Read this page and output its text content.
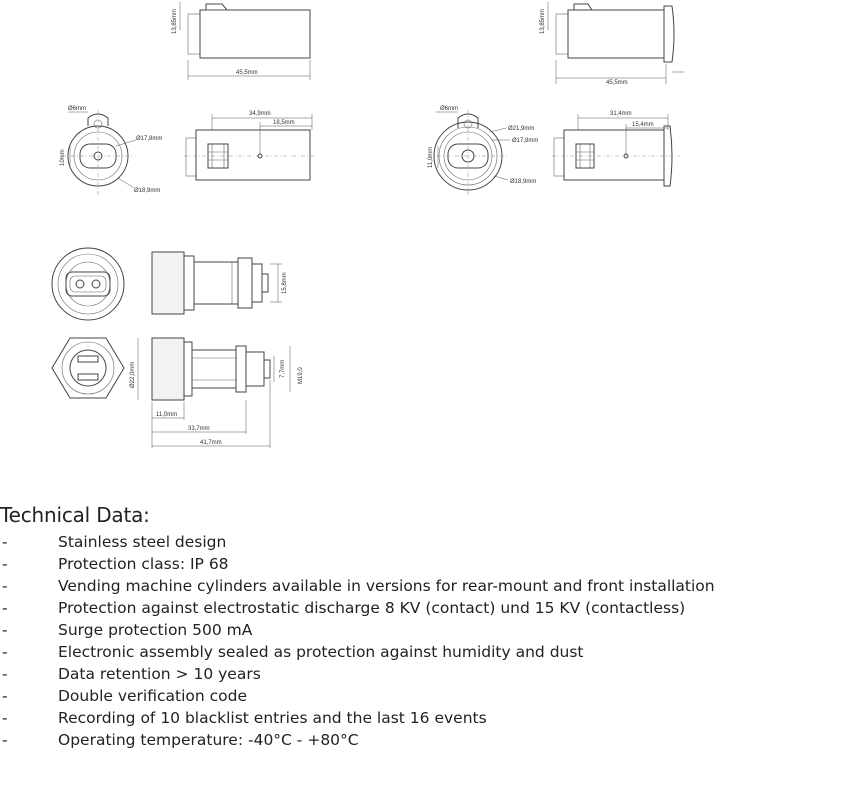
13,85mm
45,5mm
Ø6mm
Ø17,8mm
10mm
Ø18,9mm
34,9mm
18,5mm
13,85mm
45,5mm
Ø6mm
Ø21,9mm
Ø17,8mm
11,0mm
Ø18,9mm
31,4mm
15,4mm
15,8mm
Ø22,0mm
11,0mm
33,7mm
41,7mm
7,7mm M19,0
Technical Data:
-	Stainless steel design
-	Protection class: IP 68
-	Vending machine cylinders available in versions for rear-mount and front installation
-	Protection against electrostatic discharge 8 KV (contact) und 15 KV (contactless)
-	Surge protection 500 mA
-	Electronic assembly sealed as protection against humidity and dust
-	Data retention > 10 years
-	Double verification code
-	Recording of 10 blacklist entries and the last 16 events
-	Operating temperature: -40°C - +80°C
